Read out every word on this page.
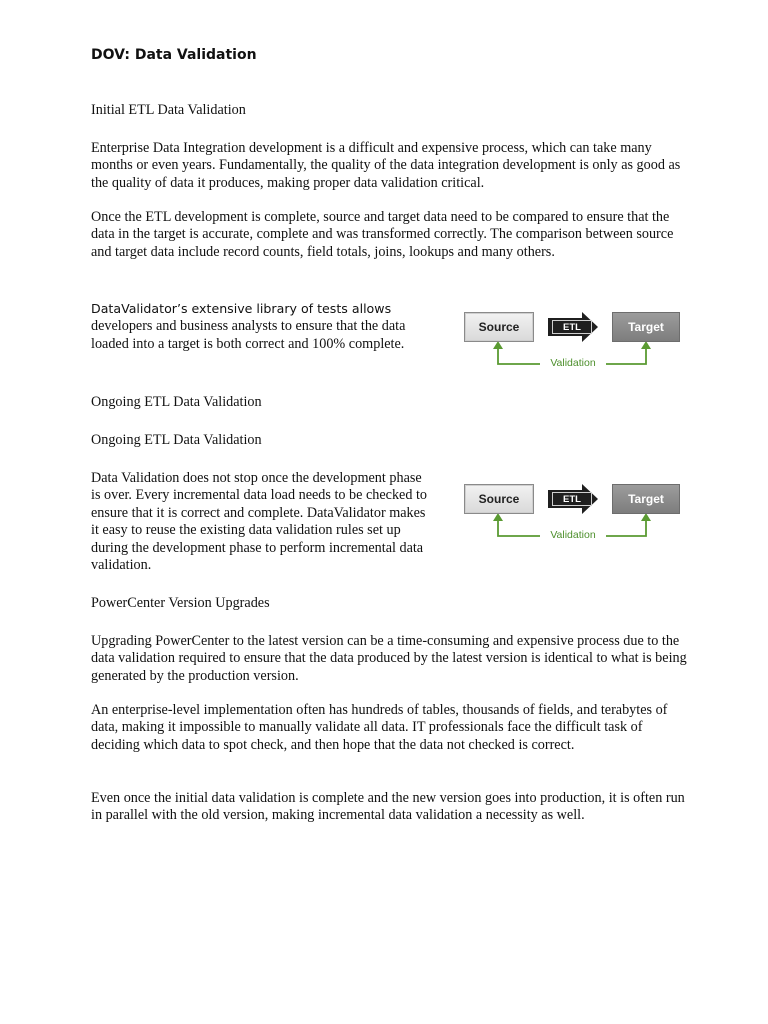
DOV: Data Validation

Initial ETL Data Validation

Enterprise Data Integration development is a difficult and expensive process, which can take many months or even years. Fundamentally, the quality of the data integration development is only as good as the quality of data it produces, making proper data validation critical.

Once the ETL development is complete, source and target data need to be compared to ensure that the data in the target is accurate, complete and was transformed correctly. The comparison between source and target data include record counts, field totals, joins, lookups and many others.

DataValidator’s extensive library of tests allows developers and business analysts to ensure that the data loaded into a target is both correct and 100% complete.

Source	ETL	Target
Validation

Ongoing ETL Data Validation

Ongoing ETL Data Validation

Data Validation does not stop once the development phase is over. Every incremental data load needs to be checked to ensure that it is correct and complete. DataValidator makes it easy to reuse the existing data validation rules set up during the development phase to perform incremental data validation.

Source	ETL	Target
Validation

PowerCenter Version Upgrades

Upgrading PowerCenter to the latest version can be a time-consuming and expensive process due to the data validation required to ensure that the data produced by the latest version is identical to what is being generated by the production version.

An enterprise-level implementation often has hundreds of tables, thousands of fields, and terabytes of data, making it impossible to manually validate all data. IT professionals face the difficult task of deciding which data to spot check, and then hope that the data not checked is correct.

Even once the initial data validation is complete and the new version goes into production, it is often run in parallel with the old version, making incremental data validation a necessity as well.
